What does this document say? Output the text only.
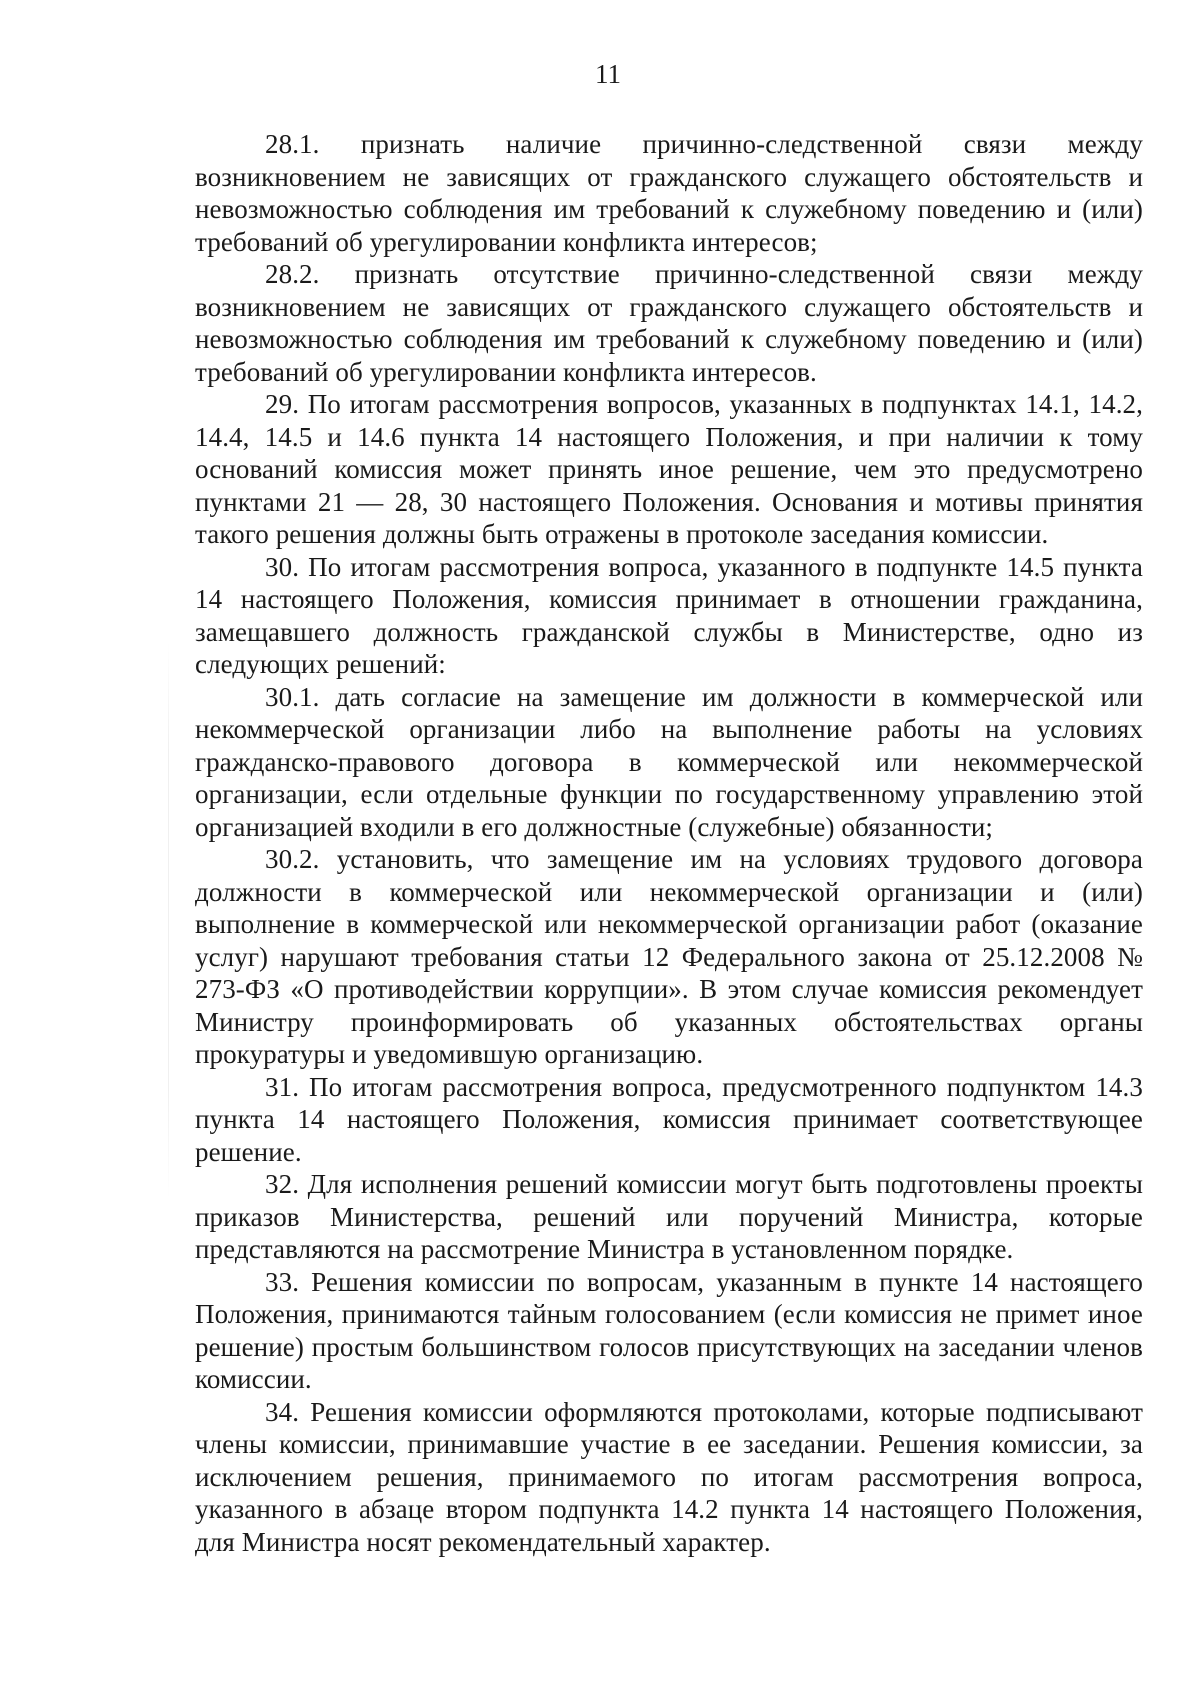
11

28.1. признать наличие причинно-следственной связи между возникновением не зависящих от гражданского служащего обстоятельств и невозможностью соблюдения им требований к служебному поведению и (или) требований об урегулировании конфликта интересов;

28.2. признать отсутствие причинно-следственной связи между возникновением не зависящих от гражданского служащего обстоятельств и невозможностью соблюдения им требований к служебному поведению и (или) требований об урегулировании конфликта интересов.

29. По итогам рассмотрения вопросов, указанных в подпунктах 14.1, 14.2, 14.4, 14.5 и 14.6 пункта 14 настоящего Положения, и при наличии к тому оснований комиссия может принять иное решение, чем это предусмотрено пунктами 21 — 28, 30 настоящего Положения. Основания и мотивы принятия такого решения должны быть отражены в протоколе заседания комиссии.

30. По итогам рассмотрения вопроса, указанного в подпункте 14.5 пункта 14 настоящего Положения, комиссия принимает в отношении гражданина, замещавшего должность гражданской службы в Министерстве, одно из следующих решений:

30.1. дать согласие на замещение им должности в коммерческой или некоммерческой организации либо на выполнение работы на условиях гражданско-правового договора в коммерческой или некоммерческой организации, если отдельные функции по государственному управлению этой организацией входили в его должностные (служебные) обязанности;

30.2. установить, что замещение им на условиях трудового договора должности в коммерческой или некоммерческой организации и (или) выполнение в коммерческой или некоммерческой организации работ (оказание услуг) нарушают требования статьи 12 Федерального закона от 25.12.2008 № 273-ФЗ «О противодействии коррупции». В этом случае комиссия рекомендует Министру проинформировать об указанных обстоятельствах органы прокуратуры и уведомившую организацию.

31. По итогам рассмотрения вопроса, предусмотренного подпунктом 14.3 пункта 14 настоящего Положения, комиссия принимает соответствующее решение.

32. Для исполнения решений комиссии могут быть подготовлены проекты приказов Министерства, решений или поручений Министра, которые представляются на рассмотрение Министра в установленном порядке.

33. Решения комиссии по вопросам, указанным в пункте 14 настоящего Положения, принимаются тайным голосованием (если комиссия не примет иное решение) простым большинством голосов присутствующих на заседании членов комиссии.

34. Решения комиссии оформляются протоколами, которые подписывают члены комиссии, принимавшие участие в ее заседании. Решения комиссии, за исключением решения, принимаемого по итогам рассмотрения вопроса, указанного в абзаце втором подпункта 14.2 пункта 14 настоящего Положения, для Министра носят рекомендательный характер.
